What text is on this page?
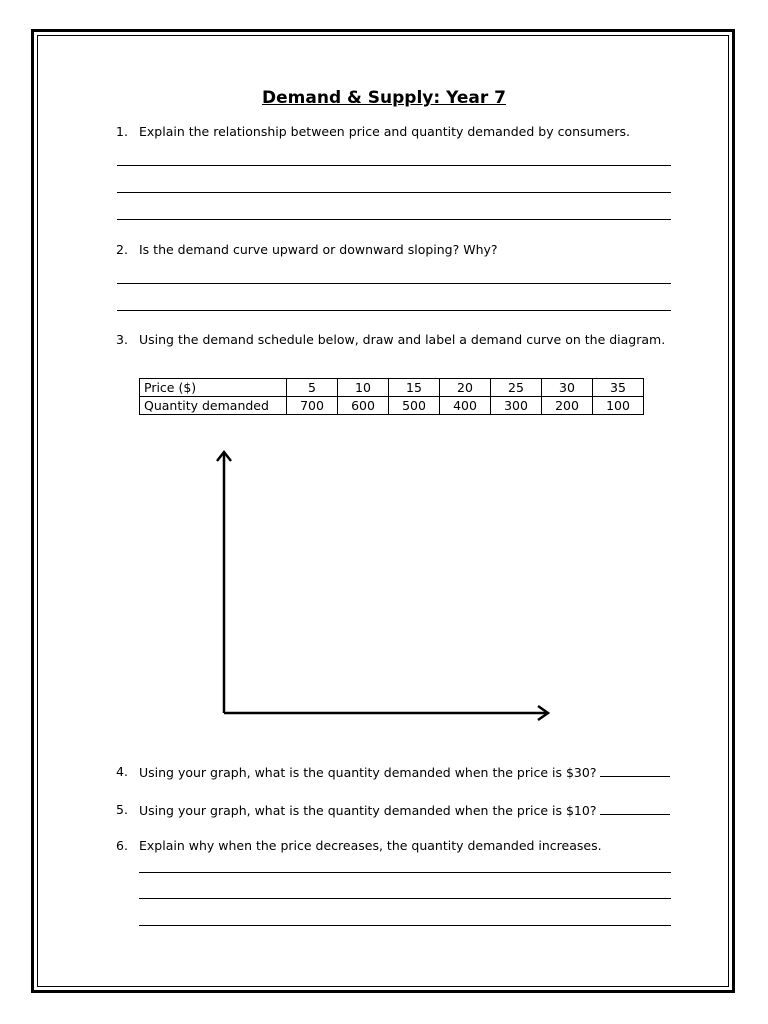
Demand & Supply: Year 7
1. Explain the relationship between price and quantity demanded by consumers.
2. Is the demand curve upward or downward sloping? Why?
3. Using the demand schedule below, draw and label a demand curve on the diagram.
Price ($)	5	10	15	20	25	30	35
Quantity demanded	700	600	500	400	300	200	100
4. Using your graph, what is the quantity demanded when the price is $30?
5. Using your graph, what is the quantity demanded when the price is $10?
6. Explain why when the price decreases, the quantity demanded increases.
